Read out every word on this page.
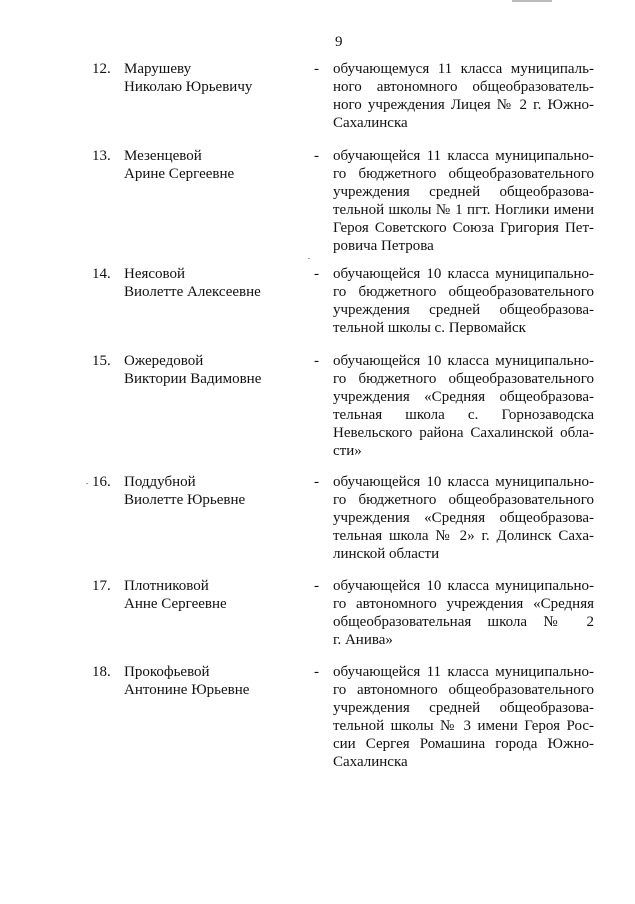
9
12. Марушеву
Николаю Юрьевичу
- обучающемуся 11 класса муниципаль-
ного автономного общеобразователь-
ного учреждения Лицея № 2 г. Южно-
Сахалинска
13. Мезенцевой
Арине Сергеевне
- обучающейся 11 класса муниципально-
го бюджетного общеобразовательного
учреждения средней общеобразова-
тельной школы № 1 пгт. Ноглики имени
Героя Советского Союза Григория Пет-
ровича Петрова
14. Неясовой
Виолетте Алексеевне
- обучающейся 10 класса муниципально-
го бюджетного общеобразовательного
учреждения средней общеобразова-
тельной школы с. Первомайск
15. Ожередовой
Виктории Вадимовне
- обучающейся 10 класса муниципально-
го бюджетного общеобразовательного
учреждения «Средняя общеобразова-
тельная школа с. Горнозаводска
Невельского района Сахалинской обла-
сти»
16. Поддубной
Виолетте Юрьевне
- обучающейся 10 класса муниципально-
го бюджетного общеобразовательного
учреждения «Средняя общеобразова-
тельная школа № 2» г. Долинск Саха-
линской области
17. Плотниковой
Анне Сергеевне
- обучающейся 10 класса муниципально-
го автономного учреждения «Средняя
общеобразовательная школа № 2
г. Анива»
18. Прокофьевой
Антонине Юрьевне
- обучающейся 11 класса муниципально-
го автономного общеобразовательного
учреждения средней общеобразова-
тельной школы № 3 имени Героя Рос-
сии Сергея Ромашина города Южно-
Сахалинска
